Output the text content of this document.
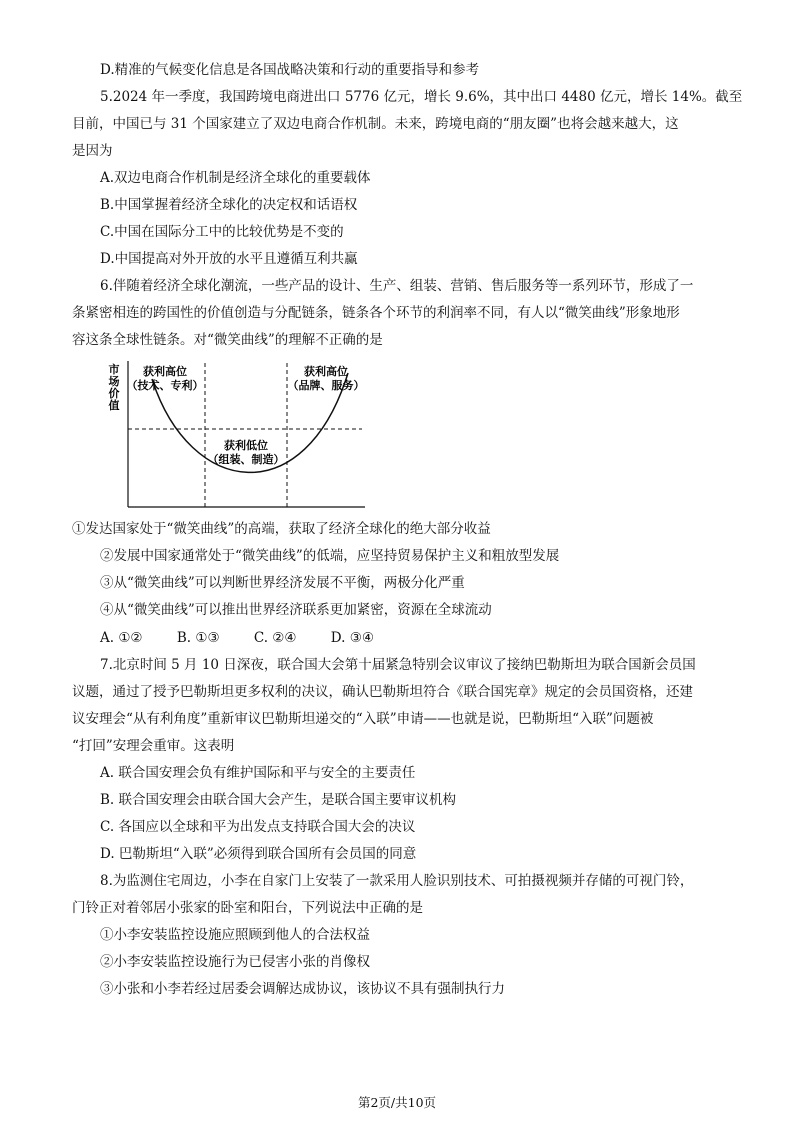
D.精准的气候变化信息是各国战略决策和行动的重要指导和参考
5.2024 年一季度，我国跨境电商进出口 5776 亿元，增长 9.6%，其中出口 4480 亿元，增长 14%。截至
目前，中国已与 31 个国家建立了双边电商合作机制。未来，跨境电商的“朋友圈”也将会越来越大，这
是因为
A.双边电商合作机制是经济全球化的重要载体
B.中国掌握着经济全球化的决定权和话语权
C.中国在国际分工中的比较优势是不变的
D.中国提高对外开放的水平且遵循互利共赢
6.伴随着经济全球化潮流，一些产品的设计、生产、组装、营销、售后服务等一系列环节，形成了一
条紧密相连的跨国性的价值创造与分配链条，链条各个环节的利润率不同，有人以“微笑曲线”形象地形
容这条全球性链条。对“微笑曲线”的理解不正确的是
市
场
价
值
获利高位
（技术、专利）
获利高位
（品牌、服务）
获利低位
（组装、制造）
①发达国家处于“微笑曲线”的高端，获取了经济全球化的绝大部分收益
②发展中国家通常处于“微笑曲线”的低端，应坚持贸易保护主义和粗放型发展
③从“微笑曲线”可以判断世界经济发展不平衡，两极分化严重
④从“微笑曲线”可以推出世界经济联系更加紧密，资源在全球流动
A. ①②	B. ①③	C. ②④	D. ③④
7.北京时间 5 月 10 日深夜，联合国大会第十届紧急特别会议审议了接纳巴勒斯坦为联合国新会员国
议题，通过了授予巴勒斯坦更多权利的决议，确认巴勒斯坦符合《联合国宪章》规定的会员国资格，还建
议安理会“从有利角度”重新审议巴勒斯坦递交的“入联”申请——也就是说，巴勒斯坦“入联”问题被
“打回”安理会重审。这表明
A. 联合国安理会负有维护国际和平与安全的主要责任
B. 联合国安理会由联合国大会产生，是联合国主要审议机构
C. 各国应以全球和平为出发点支持联合国大会的决议
D. 巴勒斯坦“入联”必须得到联合国所有会员国的同意
8.为监测住宅周边，小李在自家门上安装了一款采用人脸识别技术、可拍摄视频并存储的可视门铃，
门铃正对着邻居小张家的卧室和阳台，下列说法中正确的是
①小李安装监控设施应照顾到他人的合法权益
②小李安装监控设施行为已侵害小张的肖像权
③小张和小李若经过居委会调解达成协议，该协议不具有强制执行力
第2页/共10页
